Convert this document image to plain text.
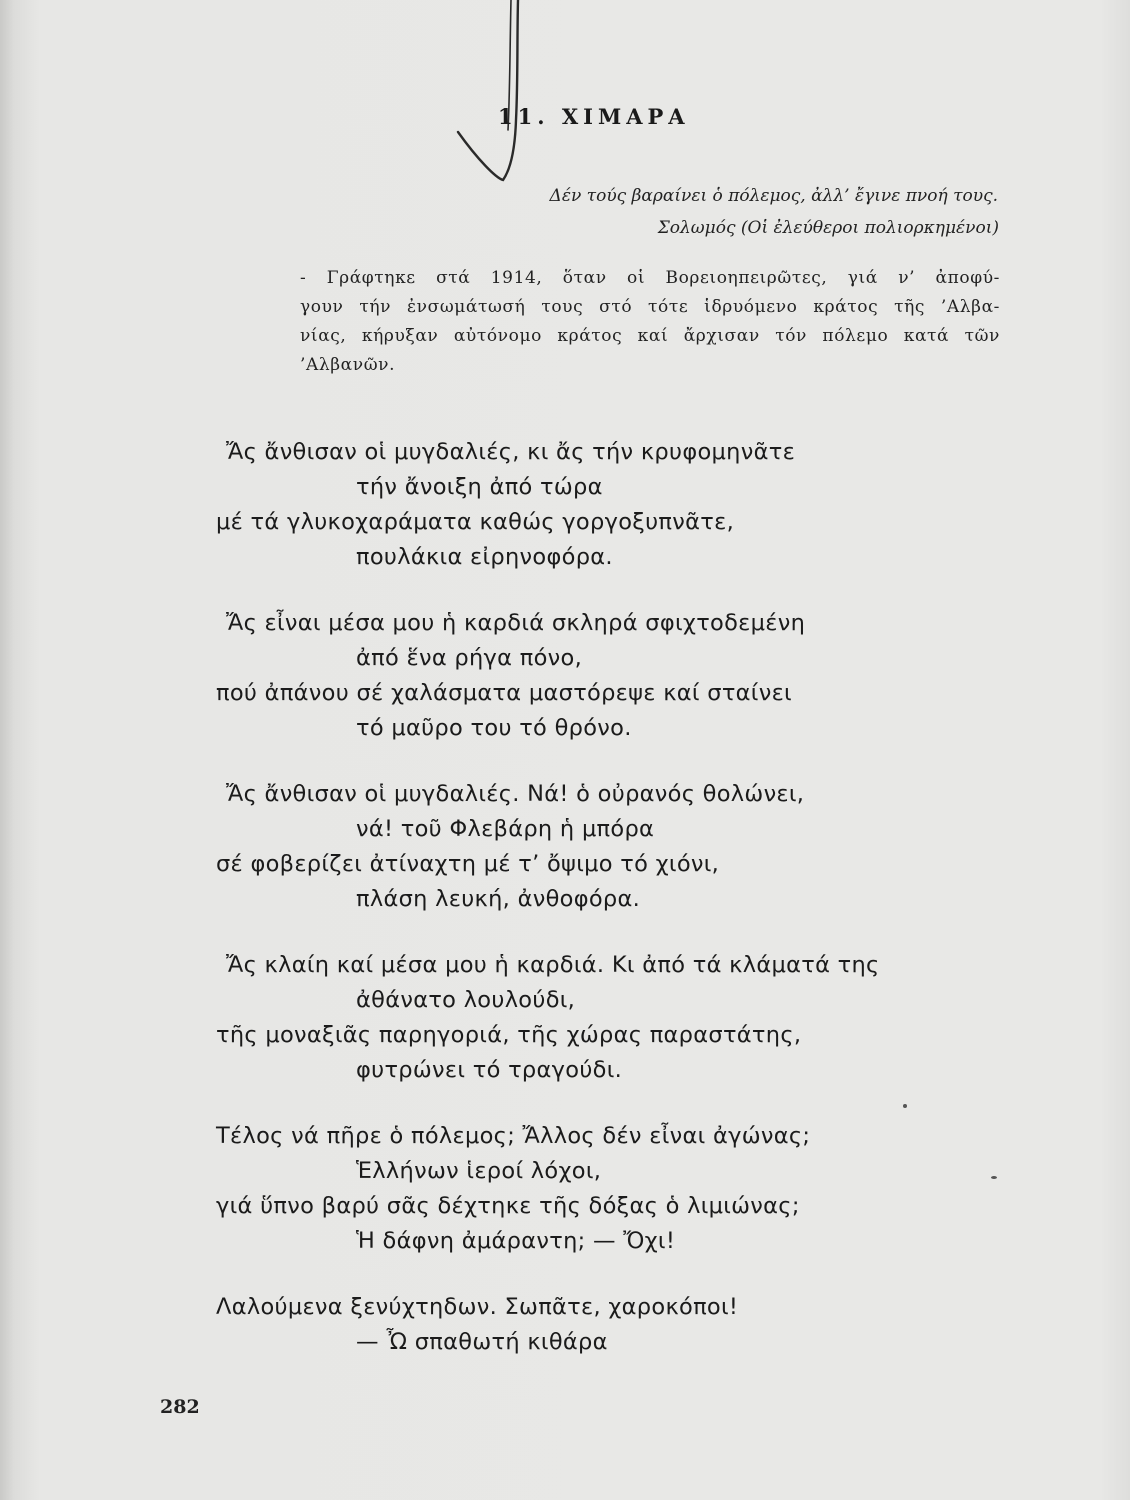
11. ΧΙΜΑΡΑ
Δέν τούς βαραίνει ὁ πόλεμος, ἀλλ’ ἔγινε πνοή τους.
Σολωμός (Οἱ ἐλεύθεροι πολιορκημένοι)
- Γράφτηκε στά 1914, ὅταν οἱ Βορειοηπειρῶτες, γιά ν’ ἀποφύ-
γουν τήν ἐνσωμάτωσή τους στό τότε ἱδρυόμενο κράτος τῆς ’Αλβα-
νίας, κήρυξαν αὐτόνομο κράτος καί ἄρχισαν τόν πόλεμο κατά τῶν
’Αλβανῶν.
Ἄς ἄνθισαν οἱ μυγδαλιές, κι ἄς τήν κρυφομηνᾶτε
τήν ἄνοιξη ἀπό τώρα
μέ τά γλυκοχαράματα καθώς γοργοξυπνᾶτε,
πουλάκια εἰρηνοφόρα.
Ἄς εἶναι μέσα μου ἡ καρδιά σκληρά σφιχτοδεμένη
ἀπό ἕνα ρήγα πόνο,
πού ἀπάνου σέ χαλάσματα μαστόρεψε καί σταίνει
τό μαῦρο του τό θρόνο.
Ἄς ἄνθισαν οἱ μυγδαλιές. Νά! ὁ οὐρανός θολώνει,
νά! τοῦ Φλεβάρη ἡ μπόρα
σέ φοβερίζει ἀτίναχτη μέ τ’ ὄψιμο τό χιόνι,
πλάση λευκή, ἀνθοφόρα.
Ἄς κλαίη καί μέσα μου ἡ καρδιά. Κι ἀπό τά κλάματά της
ἀθάνατο λουλούδι,
τῆς μοναξιᾶς παρηγοριά, τῆς χώρας παραστάτης,
φυτρώνει τό τραγούδι.
Τέλος νά πῆρε ὁ πόλεμος; Ἄλλος δέν εἶναι ἀγώνας;
Ἑλλήνων ἱεροί λόχοι,
γιά ὕπνο βαρύ σᾶς δέχτηκε τῆς δόξας ὁ λιμιώνας;
Ἡ δάφνη ἀμάραντη; — Ὄχι!
Λαλούμενα ξενύχτηδων. Σωπᾶτε, χαροκόποι!
— Ὦ σπαθωτή κιθάρα
282
